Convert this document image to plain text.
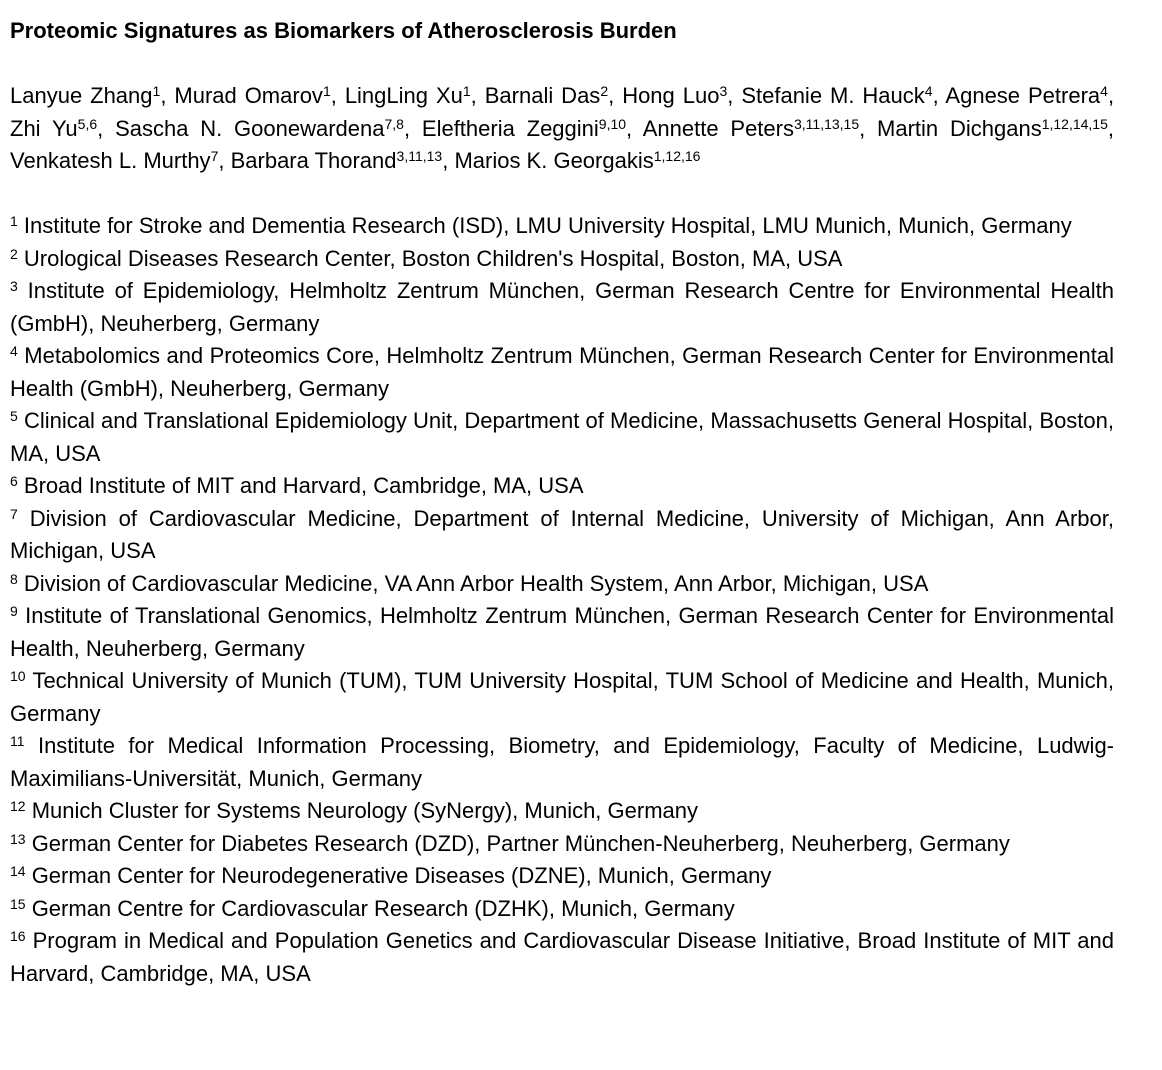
Proteomic Signatures as Biomarkers of Atherosclerosis Burden

Lanyue Zhang$^1$, Murad Omarov$^1$, LingLing Xu$^1$, Barnali Das$^2$, Hong Luo$^3$, Stefanie M. Hauck$^4$, Agnese Petrera$^4$, Zhi Yu$^{5,6}$, Sascha N. Goonewardena$^{7,8}$, Eleftheria Zeggini$^{9,10}$, Annette Peters$^{3,11,13,15}$, Martin Dichgans$^{1,12,14,15}$, Venkatesh L. Murthy$^7$, Barbara Thorand$^{3,11,13}$, Marios K. Georgakis$^{1,12,16}$

$^1$ Institute for Stroke and Dementia Research (ISD), LMU University Hospital, LMU Munich, Munich, Germany

$^2$ Urological Diseases Research Center, Boston Children's Hospital, Boston, MA, USA

$^3$ Institute of Epidemiology, Helmholtz Zentrum München, German Research Centre for Environmental Health (GmbH), Neuherberg, Germany

$^4$ Metabolomics and Proteomics Core, Helmholtz Zentrum München, German Research Center for Environmental Health (GmbH), Neuherberg, Germany

$^5$ Clinical and Translational Epidemiology Unit, Department of Medicine, Massachusetts General Hospital, Boston, MA, USA

$^6$ Broad Institute of MIT and Harvard, Cambridge, MA, USA

$^7$ Division of Cardiovascular Medicine, Department of Internal Medicine, University of Michigan, Ann Arbor, Michigan, USA

$^8$ Division of Cardiovascular Medicine, VA Ann Arbor Health System, Ann Arbor, Michigan, USA

$^9$ Institute of Translational Genomics, Helmholtz Zentrum München, German Research Center for Environmental Health, Neuherberg, Germany

$^{10}$ Technical University of Munich (TUM), TUM University Hospital, TUM School of Medicine and Health, Munich, Germany

$^{11}$ Institute for Medical Information Processing, Biometry, and Epidemiology, Faculty of Medicine, Ludwig-Maximilians-Universität, Munich, Germany

$^{12}$ Munich Cluster for Systems Neurology (SyNergy), Munich, Germany

$^{13}$ German Center for Diabetes Research (DZD), Partner München-Neuherberg, Neuherberg, Germany

$^{14}$ German Center for Neurodegenerative Diseases (DZNE), Munich, Germany

$^{15}$ German Centre for Cardiovascular Research (DZHK), Munich, Germany

$^{16}$ Program in Medical and Population Genetics and Cardiovascular Disease Initiative, Broad Institute of MIT and Harvard, Cambridge, MA, USA
